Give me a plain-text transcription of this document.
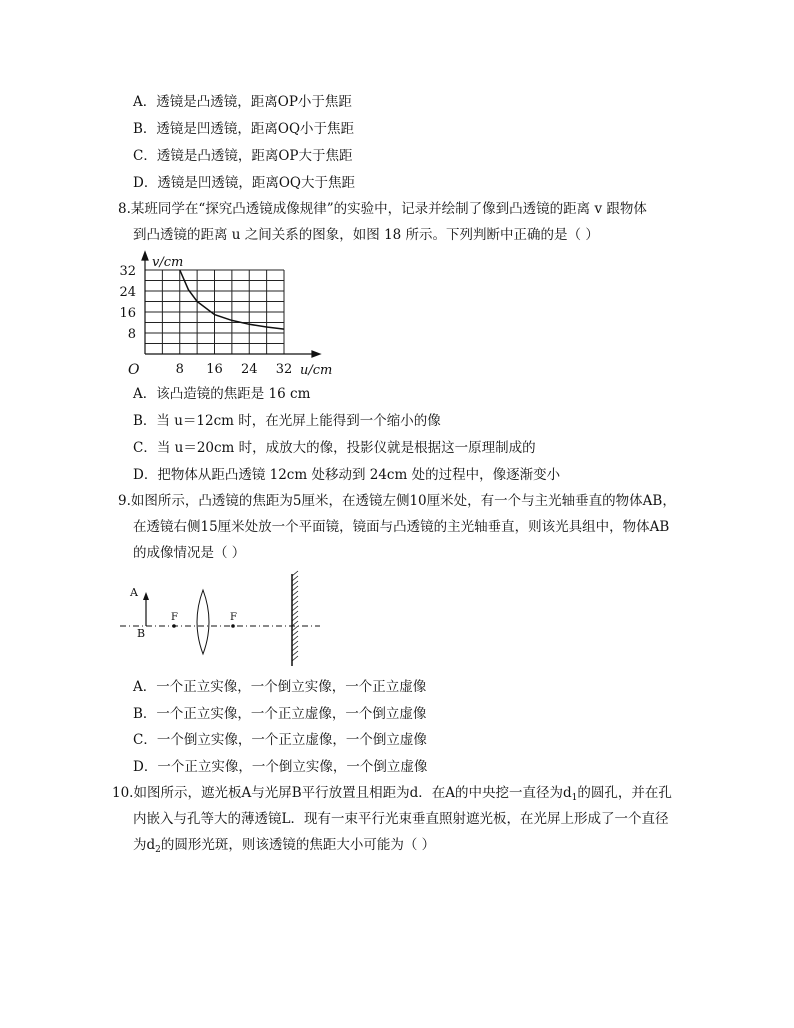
A．透镜是凸透镜，距离OP小于焦距
B．透镜是凹透镜，距离OQ小于焦距
C．透镜是凸透镜，距离OP大于焦距
D．透镜是凹透镜，距离OQ大于焦距
8.某班同学在“探究凸透镜成像规律”的实验中，记录并绘制了像到凸透镜的距离 v 跟物体
到凸透镜的距离 u 之间关系的图象，如图 18 所示。下列判断中正确的是（ ）
8 16 24 32
8
16
24
32
v/cm
u/cm
O
A．该凸造镜的焦距是 16 cm
B．当 u＝12cm 时，在光屏上能得到一个缩小的像
C．当 u＝20cm 时，成放大的像，投影仪就是根据这一原理制成的
D．把物体从距凸透镜 12cm 处移动到 24cm 处的过程中，像逐渐变小
9.如图所示，凸透镜的焦距为5厘米，在透镜左侧10厘米处，有一个与主光轴垂直的物体AB，
在透镜右侧15厘米处放一个平面镜，镜面与凸透镜的主光轴垂直，则该光具组中，物体AB
的成像情况是（ ）
A
B
F	F
A．一个正立实像，一个倒立实像，一个正立虚像
B．一个正立实像，一个正立虚像，一个倒立虚像
C．一个倒立实像，一个正立虚像，一个倒立虚像
D．一个正立实像，一个倒立实像，一个倒立虚像
10.如图所示，遮光板A与光屏B平行放置且相距为d．在A的中央挖一直径为$d_1$的圆孔，并在孔
内嵌入与孔等大的薄透镜L．现有一束平行光束垂直照射遮光板，在光屏上形成了一个直径
为$d_2$的圆形光斑，则该透镜的焦距大小可能为（ ）
